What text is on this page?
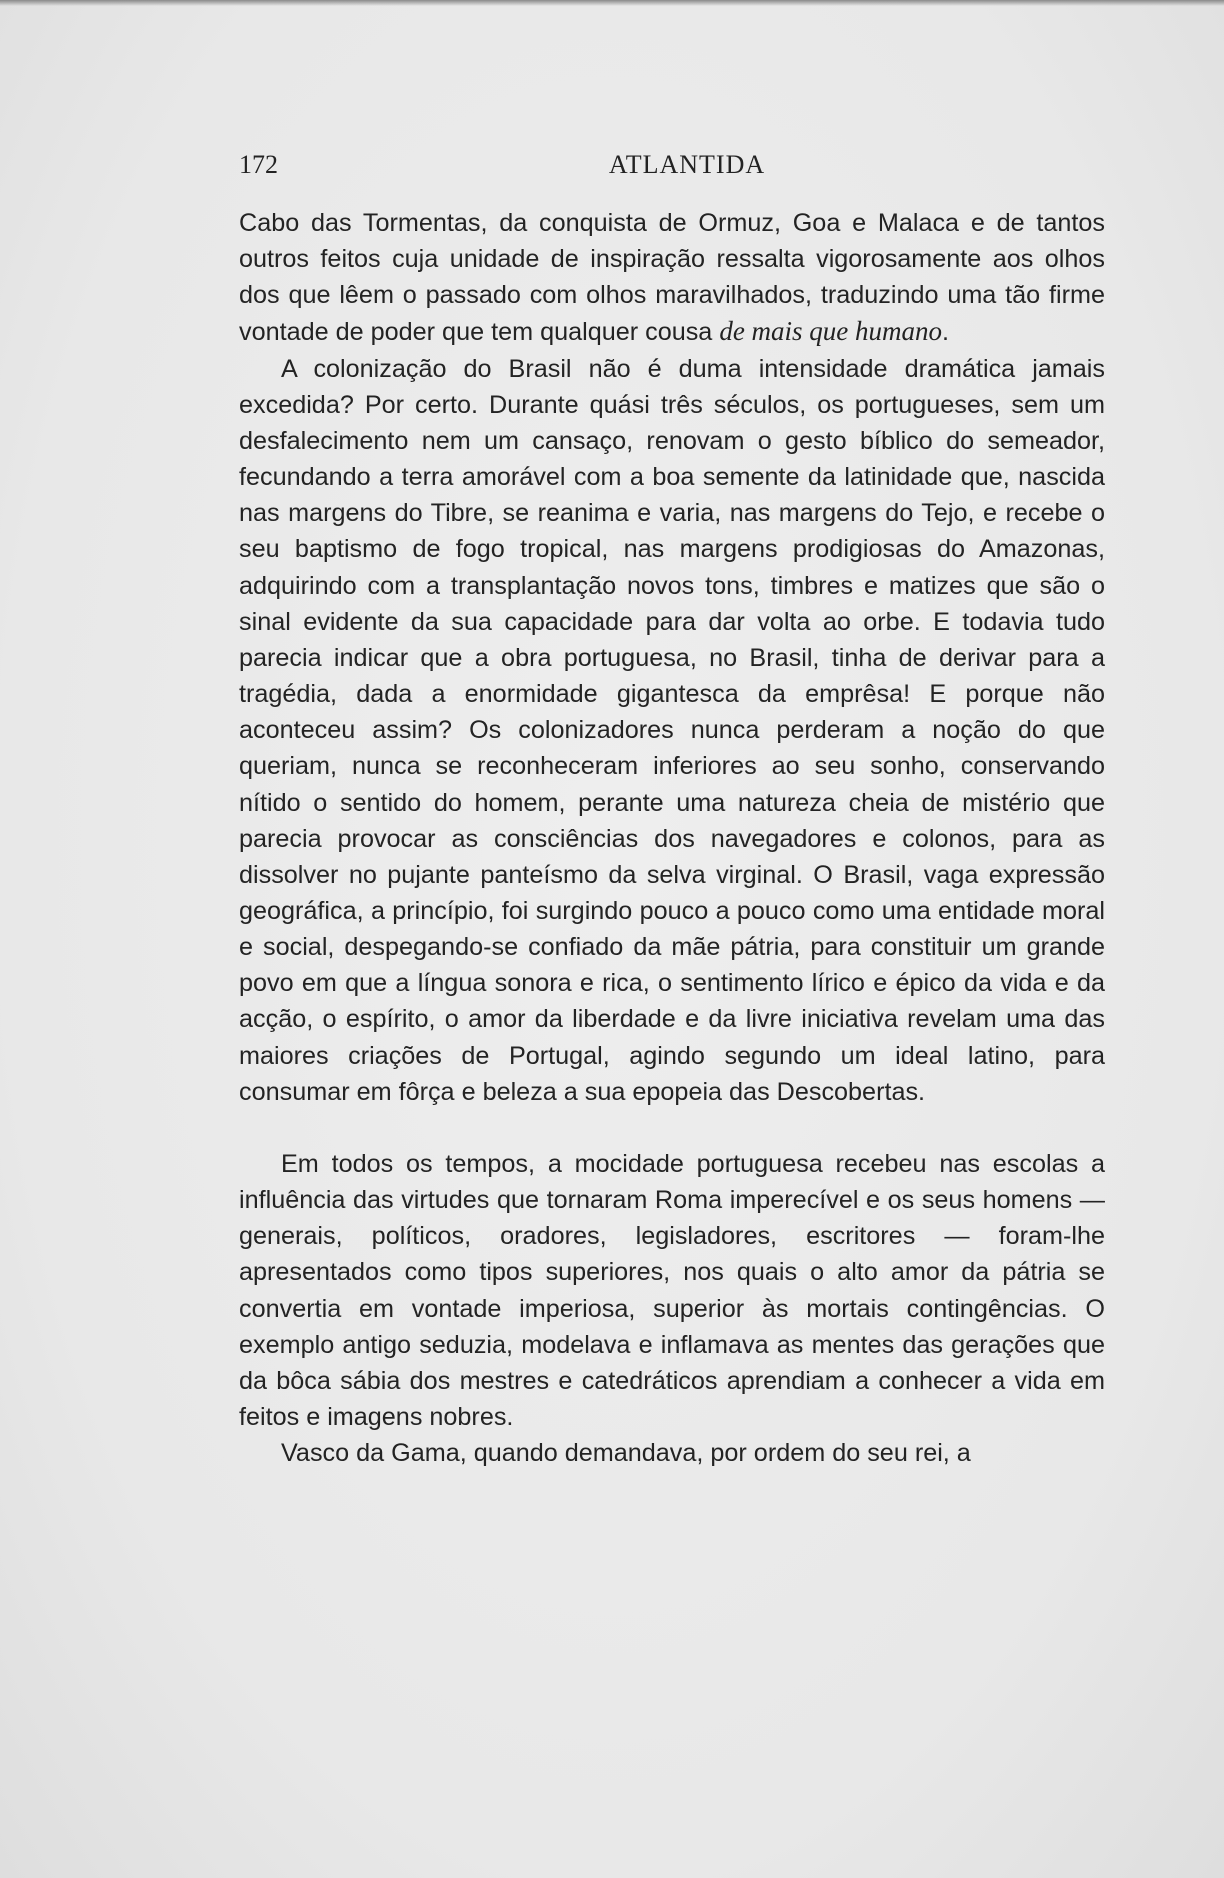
172	ATLANTIDA

Cabo das Tormentas, da conquista de Ormuz, Goa e Malaca e de tantos outros feitos cuja unidade de inspiração ressalta vigorosamente aos olhos dos que lêem o passado com olhos maravilhados, traduzindo uma tão firme vontade de poder que tem qualquer cousa de mais que humano.

A colonização do Brasil não é duma intensidade dramática jamais excedida? Por certo. Durante quási três séculos, os portugueses, sem um desfalecimento nem um cansaço, renovam o gesto bíblico do semeador, fecundando a terra amorável com a boa semente da latinidade que, nascida nas margens do Tibre, se reanima e varia, nas margens do Tejo, e recebe o seu baptismo de fogo tropical, nas margens prodigiosas do Amazonas, adquirindo com a transplantação novos tons, timbres e matizes que são o sinal evidente da sua capacidade para dar volta ao orbe. E todavia tudo parecia indicar que a obra portuguesa, no Brasil, tinha de derivar para a tragédia, dada a enormidade gigantesca da emprêsa! E porque não aconteceu assim? Os colonizadores nunca perderam a noção do que queriam, nunca se reconheceram inferiores ao seu sonho, conservando nítido o sentido do homem, perante uma natureza cheia de mistério que parecia provocar as consciências dos navegadores e colonos, para as dissolver no pujante panteísmo da selva virginal. O Brasil, vaga expressão geográfica, a princípio, foi surgindo pouco a pouco como uma entidade moral e social, despegando-se confiado da mãe pátria, para constituir um grande povo em que a língua sonora e rica, o sentimento lírico e épico da vida e da acção, o espírito, o amor da liberdade e da livre iniciativa revelam uma das maiores criações de Portugal, agindo segundo um ideal latino, para consumar em fôrça e beleza a sua epopeia das Descobertas.

Em todos os tempos, a mocidade portuguesa recebeu nas escolas a influência das virtudes que tornaram Roma imperecível e os seus homens — generais, políticos, oradores, legisladores, escritores — foram-lhe apresentados como tipos superiores, nos quais o alto amor da pátria se convertia em vontade imperiosa, superior às mortais contingências. O exemplo antigo seduzia, modelava e inflamava as mentes das gerações que da bôca sábia dos mestres e catedráticos aprendiam a conhecer a vida em feitos e imagens nobres.

Vasco da Gama, quando demandava, por ordem do seu rei, a
